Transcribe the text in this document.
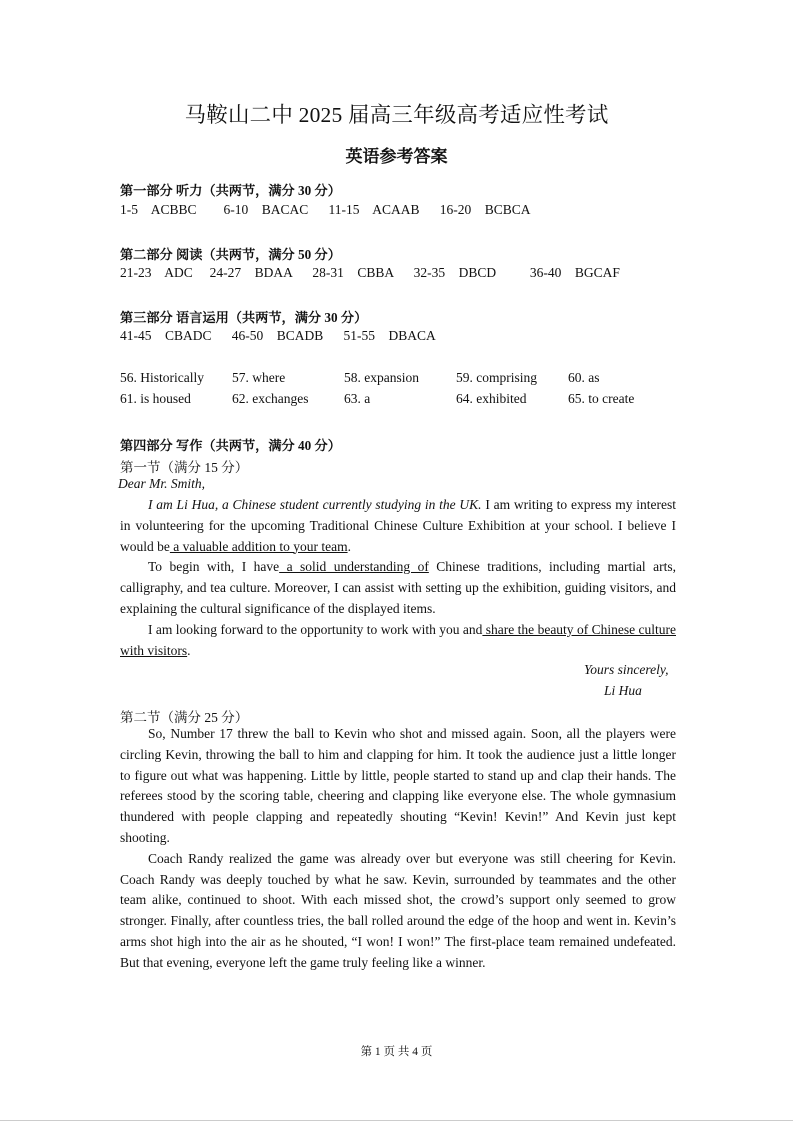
马鞍山二中 2025 届高三年级高考适应性考试
英语参考答案
第一部分 听力（共两节，满分 30 分）
1-5    ACBBC        6-10    BACAC      11-15    ACAAB      16-20    BCBCA
第二部分 阅读（共两节，满分 50 分）
21-23    ADC     24-27    BDAA      28-31    CBBA      32-35    DBCD          36-40    BGCAF
第三部分 语言运用（共两节，满分 30 分）
41-45    CBADC      46-50    BCADB      51-55    DBACA
56. Historically 57. where	58. expansion	59. comprising 60. as
61. is housed	62. exchanges	63. a	64. exhibited	65. to create
第四部分 写作（共两节，满分 40 分）
第一节（满分 15 分）
Dear Mr. Smith,

I am Li Hua, a Chinese student currently studying in the UK. I am writing to express my interest in volunteering for the upcoming Traditional Chinese Culture Exhibition at your school. I believe I would be a valuable addition to your team.

To begin with, I have a solid understanding of Chinese traditions, including martial arts, calligraphy, and tea culture. Moreover, I can assist with setting up the exhibition, guiding visitors, and explaining the cultural significance of the displayed items.

I am looking forward to the opportunity to work with you and share the beauty of Chinese culture with visitors.

Yours sincerely,
Li Hua
第二节（满分 25 分）

So, Number 17 threw the ball to Kevin who shot and missed again. Soon, all the players were circling Kevin, throwing the ball to him and clapping for him. It took the audience just a little longer to figure out what was happening. Little by little, people started to stand up and clap their hands. The referees stood by the scoring table, cheering and clapping like everyone else. The whole gymnasium thundered with people clapping and repeatedly shouting “Kevin! Kevin!” And Kevin just kept shooting.

Coach Randy realized the game was already over but everyone was still cheering for Kevin. Coach Randy was deeply touched by what he saw. Kevin, surrounded by teammates and the other team alike, continued to shoot. With each missed shot, the crowd’s support only seemed to grow stronger. Finally, after countless tries, the ball rolled around the edge of the hoop and went in. Kevin’s arms shot high into the air as he shouted, “I won! I won!” The first-place team remained undefeated. But that evening, everyone left the game truly feeling like a winner.

第 1 页 共 4 页
